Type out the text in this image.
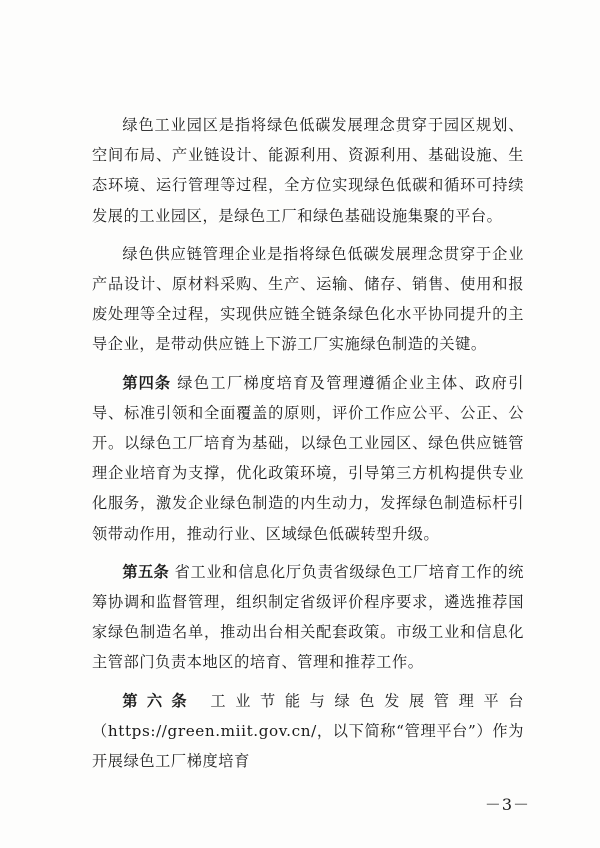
绿色工业园区是指将绿色低碳发展理念贯穿于园区规划、空间布局、产业链设计、能源利用、资源利用、基础设施、生态环境、运行管理等过程，全方位实现绿色低碳和循环可持续发展的工业园区，是绿色工厂和绿色基础设施集聚的平台。

绿色供应链管理企业是指将绿色低碳发展理念贯穿于企业产品设计、原材料采购、生产、运输、储存、销售、使用和报废处理等全过程，实现供应链全链条绿色化水平协同提升的主导企业，是带动供应链上下游工厂实施绿色制造的关键。

第四条 绿色工厂梯度培育及管理遵循企业主体、政府引导、标准引领和全面覆盖的原则，评价工作应公平、公正、公开。以绿色工厂培育为基础，以绿色工业园区、绿色供应链管理企业培育为支撑，优化政策环境，引导第三方机构提供专业化服务，激发企业绿色制造的内生动力，发挥绿色制造标杆引领带动作用，推动行业、区域绿色低碳转型升级。

第五条 省工业和信息化厅负责省级绿色工厂培育工作的统筹协调和监督管理，组织制定省级评价程序要求，遴选推荐国家绿色制造名单，推动出台相关配套政策。市级工业和信息化主管部门负责本地区的培育、管理和推荐工作。

第六条 工业节能与绿色发展管理平台（https://green.miit.gov.cn/，以下简称“管理平台”）作为开展绿色工厂梯度培育

－3－
